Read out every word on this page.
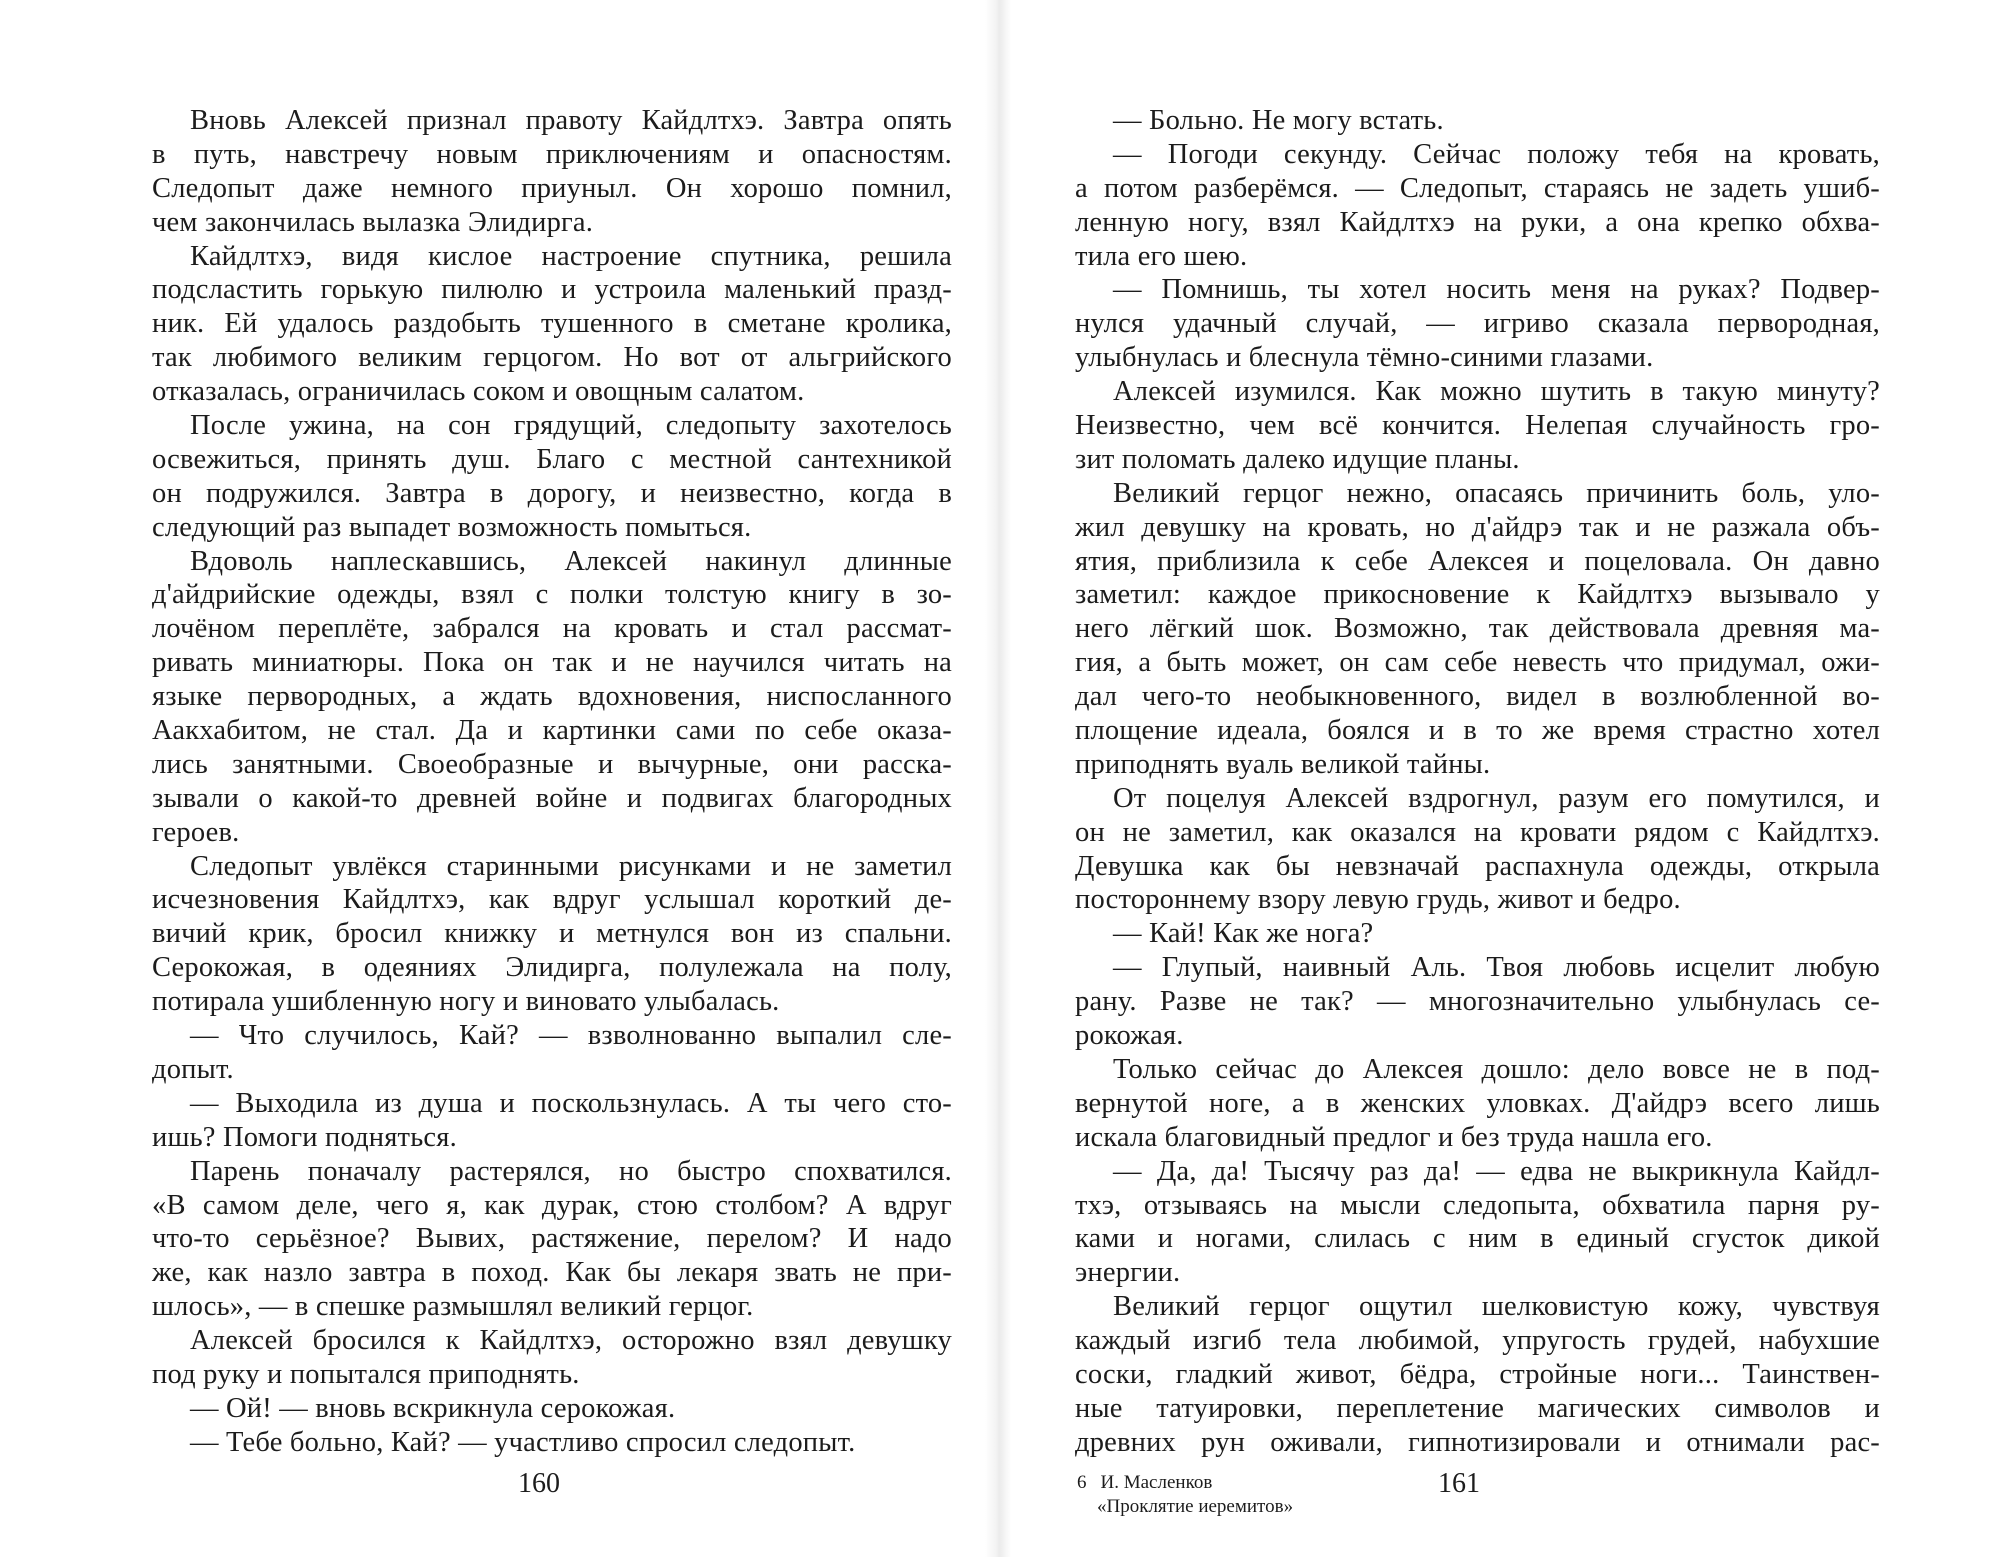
Вновь Алексей признал правоту Кайдлтхэ. Завтра опять
в путь, навстречу новым приключениям и опасностям.
Следопыт даже немного приуныл. Он хорошо помнил,
чем закончилась вылазка Элидирга.
Кайдлтхэ, видя кислое настроение спутника, решила
подсластить горькую пилюлю и устроила маленький празд-
ник. Ей удалось раздобыть тушенного в сметане кролика,
так любимого великим герцогом. Но вот от альгрийского
отказалась, ограничилась соком и овощным салатом.
После ужина, на сон грядущий, следопыту захотелось
освежиться, принять душ. Благо с местной сантехникой
он подружился. Завтра в дорогу, и неизвестно, когда в
следующий раз выпадет возможность помыться.
Вдоволь наплескавшись, Алексей накинул длинные
д'айдрийские одежды, взял с полки толстую книгу в зо-
лочёном переплёте, забрался на кровать и стал рассмат-
ривать миниатюры. Пока он так и не научился читать на
языке первородных, а ждать вдохновения, ниспосланного
Аакхабитом, не стал. Да и картинки сами по себе оказа-
лись занятными. Своеобразные и вычурные, они расска-
зывали о какой-то древней войне и подвигах благородных
героев.
Следопыт увлёкся старинными рисунками и не заметил
исчезновения Кайдлтхэ, как вдруг услышал короткий де-
вичий крик, бросил книжку и метнулся вон из спальни.
Серокожая, в одеяниях Элидирга, полулежала на полу,
потирала ушибленную ногу и виновато улыбалась.
— Что случилось, Кай? — взволнованно выпалил сле-
допыт.
— Выходила из душа и поскользнулась. А ты чего сто-
ишь? Помоги подняться.
Парень поначалу растерялся, но быстро спохватился.
«В самом деле, чего я, как дурак, стою столбом? А вдруг
что-то серьёзное? Вывих, растяжение, перелом? И надо
же, как назло завтра в поход. Как бы лекаря звать не при-
шлось», — в спешке размышлял великий герцог.
Алексей бросился к Кайдлтхэ, осторожно взял девушку
под руку и попытался приподнять.
— Ой! — вновь вскрикнула серокожая.
— Тебе больно, Кай? — участливо спросил следопыт.
— Больно. Не могу встать.
— Погоди секунду. Сейчас положу тебя на кровать,
а потом разберёмся. — Следопыт, стараясь не задеть ушиб-
ленную ногу, взял Кайдлтхэ на руки, а она крепко обхва-
тила его шею.
— Помнишь, ты хотел носить меня на руках? Подвер-
нулся удачный случай, — игриво сказала первородная,
улыбнулась и блеснула тёмно-синими глазами.
Алексей изумился. Как можно шутить в такую минуту?
Неизвестно, чем всё кончится. Нелепая случайность гро-
зит поломать далеко идущие планы.
Великий герцог нежно, опасаясь причинить боль, уло-
жил девушку на кровать, но д'айдрэ так и не разжала объ-
ятия, приблизила к себе Алексея и поцеловала. Он давно
заметил: каждое прикосновение к Кайдлтхэ вызывало у
него лёгкий шок. Возможно, так действовала древняя ма-
гия, а быть может, он сам себе невесть что придумал, ожи-
дал чего-то необыкновенного, видел в возлюбленной во-
площение идеала, боялся и в то же время страстно хотел
приподнять вуаль великой тайны.
От поцелуя Алексей вздрогнул, разум его помутился, и
он не заметил, как оказался на кровати рядом с Кайдлтхэ.
Девушка как бы невзначай распахнула одежды, открыла
постороннему взору левую грудь, живот и бедро.
— Кай! Как же нога?
— Глупый, наивный Аль. Твоя любовь исцелит любую
рану. Разве не так? — многозначительно улыбнулась се-
рокожая.
Только сейчас до Алексея дошло: дело вовсе не в под-
вернутой ноге, а в женских уловках. Д'айдрэ всего лишь
искала благовидный предлог и без труда нашла его.
— Да, да! Тысячу раз да! — едва не выкрикнула Кайдл-
тхэ, отзываясь на мысли следопыта, обхватила парня ру-
ками и ногами, слилась с ним в единый сгусток дикой
энергии.
Великий герцог ощутил шелковистую кожу, чувствуя
каждый изгиб тела любимой, упругость грудей, набухшие
соски, гладкий живот, бёдра, стройные ноги... Таинствен-
ные татуировки, переплетение магических символов и
древних рун оживали, гипнотизировали и отнимали рас-
160	161
6 И. Масленков
«Проклятие иеремитов»
